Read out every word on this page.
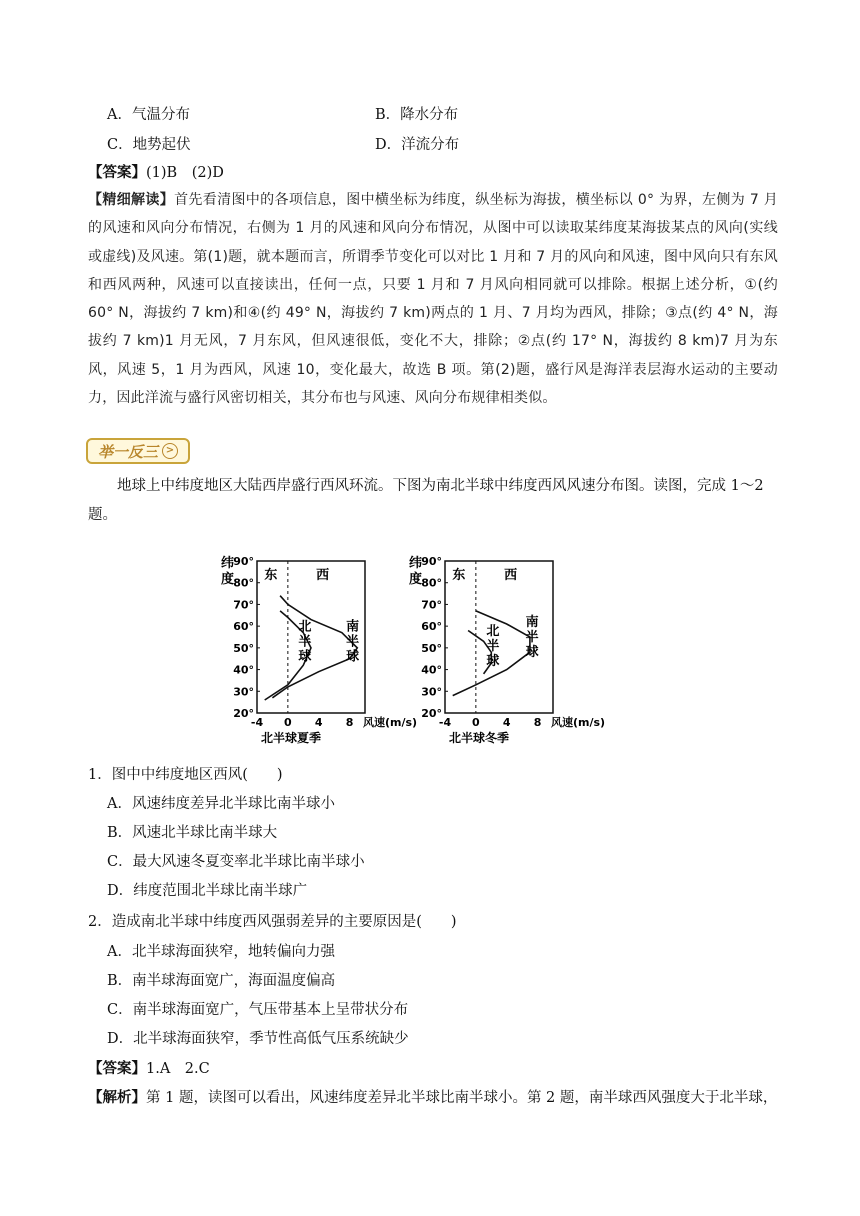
A．气温分布	B．降水分布
C．地势起伏	D．洋流分布
【答案】(1)B　(2)D
【精细解读】首先看清图中的各项信息，图中横坐标为纬度，纵坐标为海拔，横坐标以 0° 为界，左侧为 7 月的风速和风向分布情况，右侧为 1 月的风速和风向分布情况，从图中可以读取某纬度某海拔某点的风向(实线或虚线)及风速。第(1)题，就本题而言，所谓季节变化可以对比 1 月和 7 月的风向和风速，图中风向只有东风和西风两种，风速可以直接读出，任何一点，只要 1 月和 7 月风向相同就可以排除。根据上述分析，①(约 60° N，海拔约 7 km)和④(约 49° N，海拔约 7 km)两点的 1 月、7 月均为西风，排除；③点(约 4° N，海拔约 7 km)1 月无风，7 月东风，但风速很低，变化不大，排除；②点(约 17° N，海拔约 8 km)7 月为东风，风速 5，1 月为西风，风速 10，变化最大，故选 B 项。第(2)题，盛行风是海洋表层海水运动的主要动力，因此洋流与盛行风密切相关，其分布也与风速、风向分布规律相类似。
举一反三 >
地球上中纬度地区大陆西岸盛行西风环流。下图为南北半球中纬度西风风速分布图。读图，完成 1～2 题。
纬
度
20°
30°
40°
50°
60°
70°
80°
90°
-4 0 4 8 风速(m/s)
北半球夏季
东	西
北
半
球
南
半
球
纬
度
20°
30°
40°
50°
60°
70°
80°
90°
-4 0 4 8 风速(m/s)
北半球冬季
东	西
北
半
球
南
半
球
1．图中中纬度地区西风(　　)
A．风速纬度差异北半球比南半球小
B．风速北半球比南半球大
C．最大风速冬夏变率北半球比南半球小
D．纬度范围北半球比南半球广
2．造成南北半球中纬度西风强弱差异的主要原因是(　　)
A．北半球海面狭窄，地转偏向力强
B．南半球海面宽广，海面温度偏高
C．南半球海面宽广，气压带基本上呈带状分布
D．北半球海面狭窄，季节性高低气压系统缺少
【答案】1.A　2.C
【解析】第 1 题，读图可以看出，风速纬度差异北半球比南半球小。第 2 题，南半球西风强度大于北半球，
